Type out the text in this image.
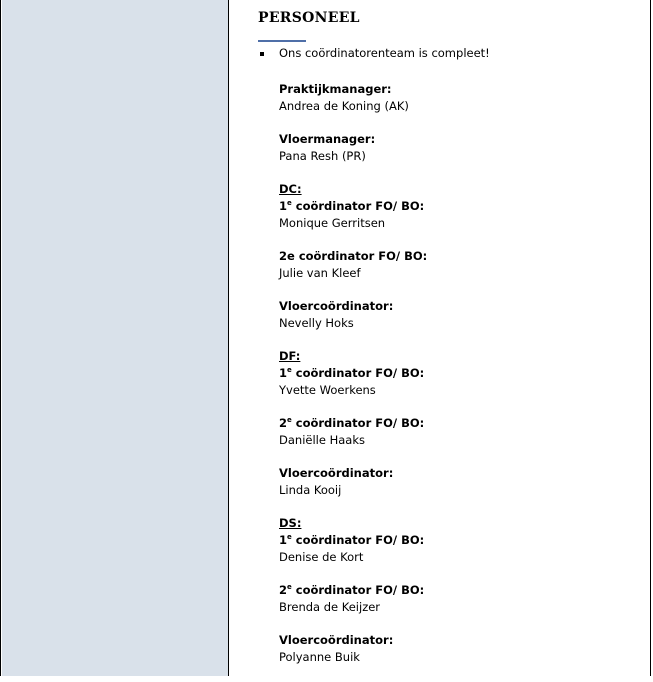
PERSONEEL
Ons coördinatorenteam is compleet!
Praktijkmanager:
Andrea de Koning (AK)
Vloermanager:
Pana Resh (PR)
DC:
1e coördinator FO/ BO:
Monique Gerritsen
2e coördinator FO/ BO:
Julie van Kleef
Vloercoördinator:
Nevelly Hoks
DF:
1e coördinator FO/ BO:
Yvette Woerkens
2e coördinator FO/ BO:
Daniëlle Haaks
Vloercoördinator:
Linda Kooij
DS:
1e coördinator FO/ BO:
Denise de Kort
2e coördinator FO/ BO:
Brenda de Keijzer
Vloercoördinator:
Polyanne Buik
